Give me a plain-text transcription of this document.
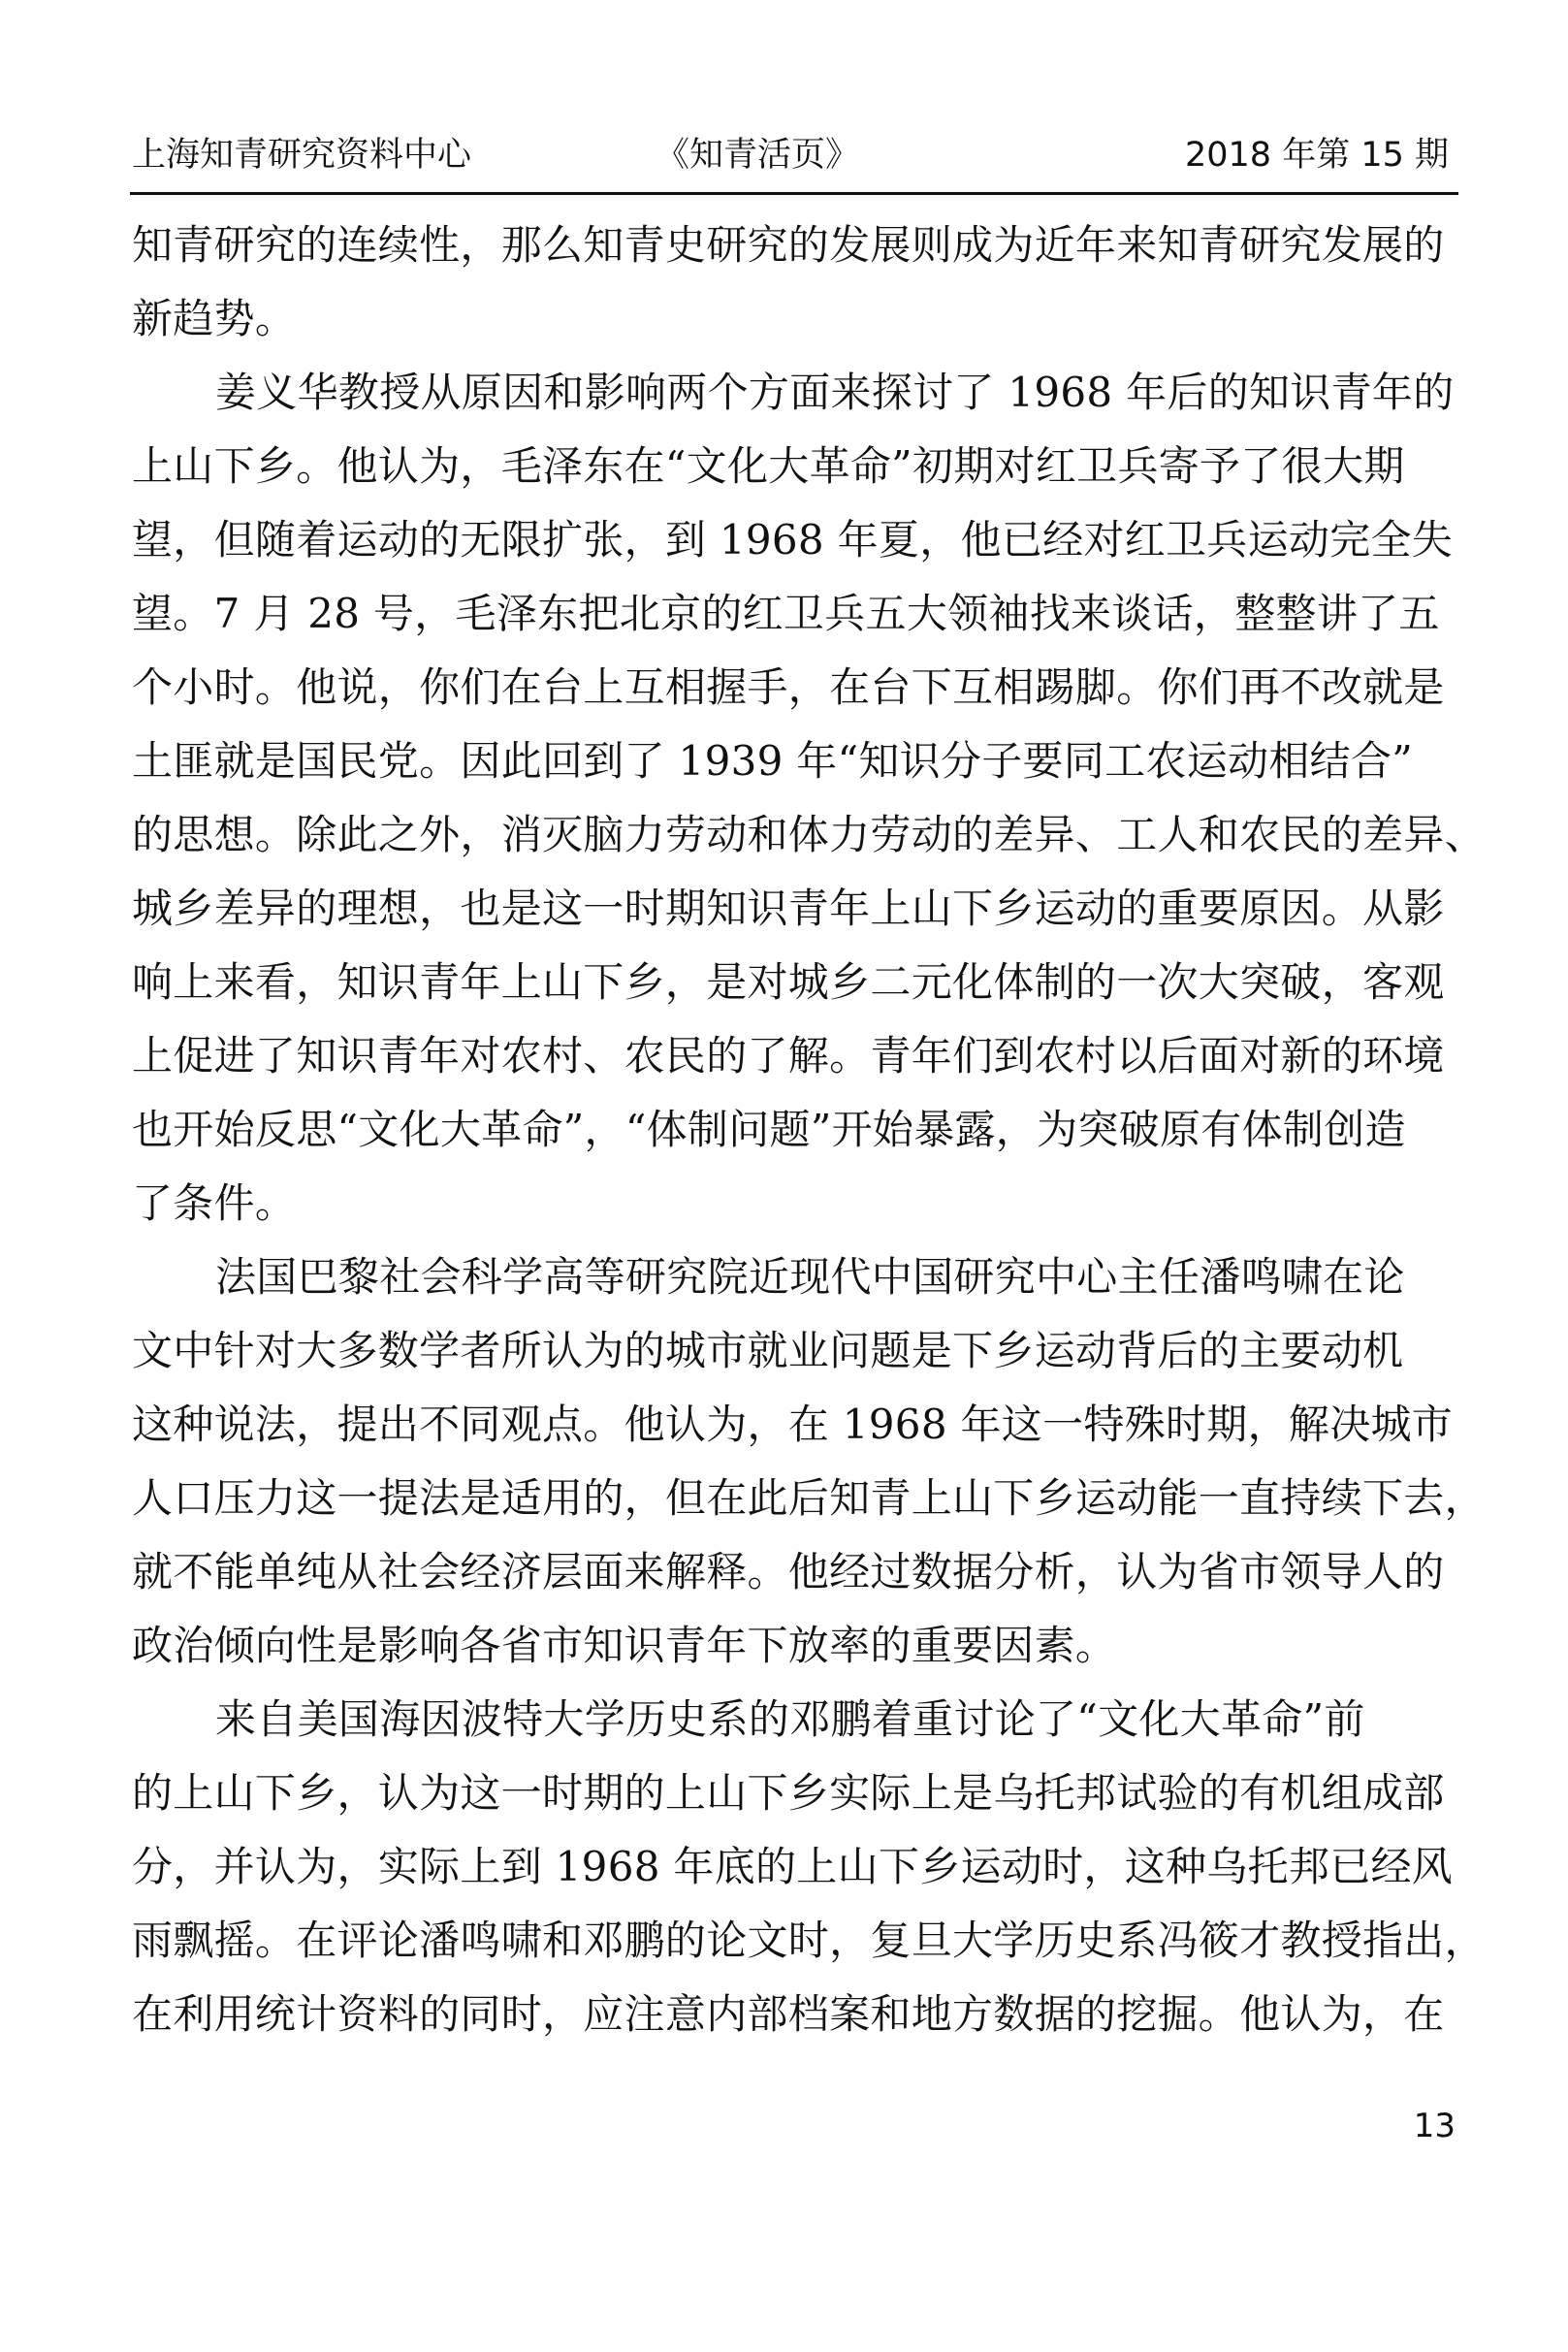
上海知青研究资料中心	《知青活页》	2018 年第 15 期
知青研究的连续性，那么知青史研究的发展则成为近年来知青研究发展的
新趋势。
姜义华教授从原因和影响两个方面来探讨了 1968 年后的知识青年的
上山下乡。他认为，毛泽东在“文化大革命”初期对红卫兵寄予了很大期
望，但随着运动的无限扩张，到 1968 年夏，他已经对红卫兵运动完全失
望。7 月 28 号，毛泽东把北京的红卫兵五大领袖找来谈话，整整讲了五
个小时。他说，你们在台上互相握手，在台下互相踢脚。你们再不改就是
土匪就是国民党。因此回到了 1939 年“知识分子要同工农运动相结合”
的思想。除此之外，消灭脑力劳动和体力劳动的差异、工人和农民的差异、
城乡差异的理想，也是这一时期知识青年上山下乡运动的重要原因。从影
响上来看，知识青年上山下乡，是对城乡二元化体制的一次大突破，客观
上促进了知识青年对农村、农民的了解。青年们到农村以后面对新的环境
也开始反思“文化大革命”，“体制问题”开始暴露，为突破原有体制创造
了条件。
法国巴黎社会科学高等研究院近现代中国研究中心主任潘鸣啸在论
文中针对大多数学者所认为的城市就业问题是下乡运动背后的主要动机
这种说法，提出不同观点。他认为，在 1968 年这一特殊时期，解决城市
人口压力这一提法是适用的，但在此后知青上山下乡运动能一直持续下去，
就不能单纯从社会经济层面来解释。他经过数据分析，认为省市领导人的
政治倾向性是影响各省市知识青年下放率的重要因素。
来自美国海因波特大学历史系的邓鹏着重讨论了“文化大革命”前
的上山下乡，认为这一时期的上山下乡实际上是乌托邦试验的有机组成部
分，并认为，实际上到 1968 年底的上山下乡运动时，这种乌托邦已经风
雨飘摇。在评论潘鸣啸和邓鹏的论文时，复旦大学历史系冯筱才教授指出，
在利用统计资料的同时，应注意内部档案和地方数据的挖掘。他认为，在
13
